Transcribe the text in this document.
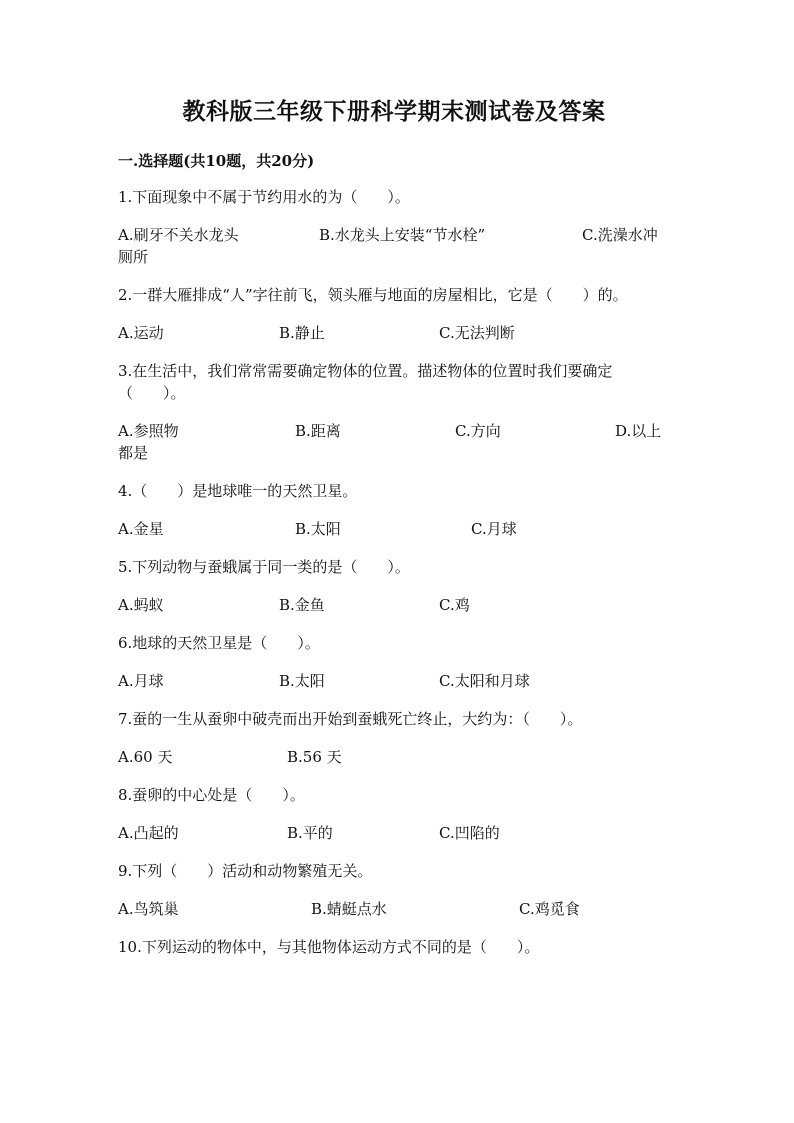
教科版三年级下册科学期末测试卷及答案
一.选择题(共10题，共20分)
1.下面现象中不属于节约用水的为（　　）。
A.刷牙不关水龙头	B.水龙头上安装“节水栓”	C.洗澡水冲
厕所
2.一群大雁排成“人”字往前飞，领头雁与地面的房屋相比，它是（　　）的。
A.运动	B.静止	C.无法判断
3.在生活中，我们常常需要确定物体的位置。描述物体的位置时我们要确定（　　）。
A.参照物	B.距离	C.方向	D.以上
都是
4.（　　）是地球唯一的天然卫星。
A.金星	B.太阳	C.月球
5.下列动物与蚕蛾属于同一类的是（　　）。
A.蚂蚁	B.金鱼	C.鸡
6.地球的天然卫星是（　　）。
A.月球	B.太阳	C.太阳和月球
7.蚕的一生从蚕卵中破壳而出开始到蚕蛾死亡终止，大约为：（　　）。
A.60 天	B.56 天
8.蚕卵的中心处是（　　）。
A.凸起的	B.平的	C.凹陷的
9.下列（　　）活动和动物繁殖无关。
A.鸟筑巢	B.蜻蜓点水	C.鸡觅食
10.下列运动的物体中，与其他物体运动方式不同的是（　　）。
